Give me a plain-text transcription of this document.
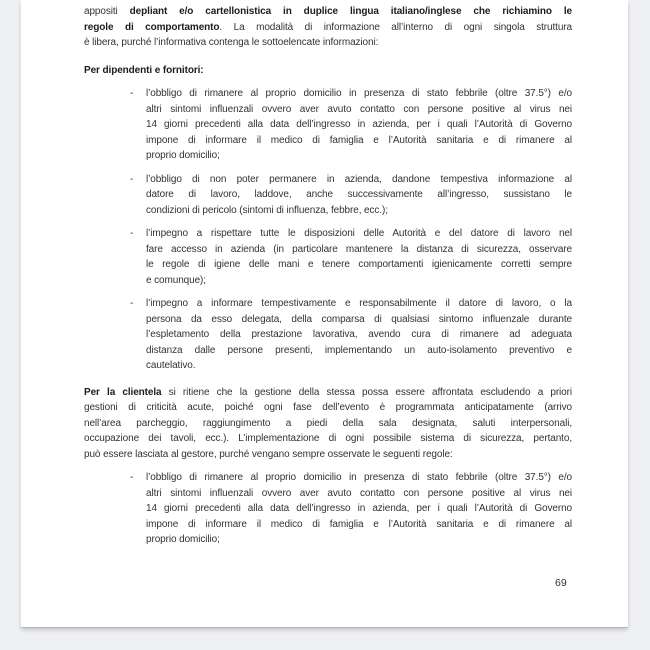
appositi depliant e/o cartellonistica in duplice lingua italiano/inglese che richiamino le
regole di comportamento. La modalità di informazione all’interno di ogni singola struttura
è libera, purché l’informativa contenga le sottoelencate informazioni:
Per dipendenti e fornitori:
-	l’obbligo di rimanere al proprio domicilio in presenza di stato febbrile (oltre 37.5°) e/o
altri sintomi influenzali ovvero aver avuto contatto con persone positive al virus nei
14 giorni precedenti alla data dell’ingresso in azienda, per i quali l’Autorità di Governo
impone di informare il medico di famiglia e l’Autorità sanitaria e di rimanere al
proprio domicilio;
-	l’obbligo di non poter permanere in azienda, dandone tempestiva informazione al
datore di lavoro, laddove, anche successivamente all’ingresso, sussistano le
condizioni di pericolo (sintomi di influenza, febbre, ecc.);
-	l’impegno a rispettare tutte le disposizioni delle Autorità e del datore di lavoro nel
fare accesso in azienda (in particolare mantenere la distanza di sicurezza, osservare
le regole di igiene delle mani e tenere comportamenti igienicamente corretti sempre
e comunque);
-	l’impegno a informare tempestivamente e responsabilmente il datore di lavoro, o la
persona da esso delegata, della comparsa di qualsiasi sintomo influenzale durante
l’espletamento della prestazione lavorativa, avendo cura di rimanere ad adeguata
distanza dalle persone presenti, implementando un auto-isolamento preventivo e
cautelativo.
Per la clientela si ritiene che la gestione della stessa possa essere affrontata escludendo a priori
gestioni di criticità acute, poiché ogni fase dell’evento è programmata anticipatamente (arrivo
nell’area parcheggio, raggiungimento a piedi della sala designata, saluti interpersonali,
occupazione dei tavoli, ecc.). L’implementazione di ogni possibile sistema di sicurezza, pertanto,
può essere lasciata al gestore, purché vengano sempre osservate le seguenti regole:
-	l’obbligo di rimanere al proprio domicilio in presenza di stato febbrile (oltre 37.5°) e/o
altri sintomi influenzali ovvero aver avuto contatto con persone positive al virus nei
14 giorni precedenti alla data dell’ingresso in azienda, per i quali l’Autorità di Governo
impone di informare il medico di famiglia e l’Autorità sanitaria e di rimanere al
proprio domicilio;
69
